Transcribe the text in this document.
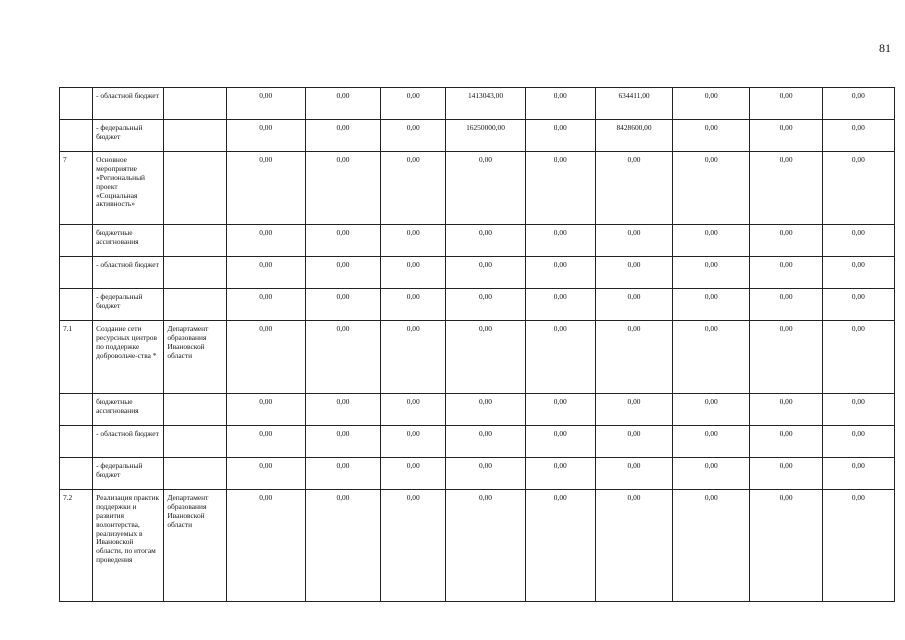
81
	- областной бюджет		0,00	0,00	0,00	1413043,00	0,00	634411,00	0,00	0,00	0,00
	- федеральный бюджет		0,00	0,00	0,00	16250000,00	0,00	8428600,00	0,00	0,00	0,00
7	Основное мероприятие «Региональный проект «Социальная активность»		0,00	0,00	0,00	0,00	0,00	0,00	0,00	0,00	0,00
	бюджетные ассигнования		0,00	0,00	0,00	0,00	0,00	0,00	0,00	0,00	0,00
	- областной бюджет		0,00	0,00	0,00	0,00	0,00	0,00	0,00	0,00	0,00
	- федеральный бюджет		0,00	0,00	0,00	0,00	0,00	0,00	0,00	0,00	0,00
7.1	Создание сети ресурсных центров по поддержке добровольче-ства *	Департамент образования Ивановской области	0,00	0,00	0,00	0,00	0,00	0,00	0,00	0,00	0,00
	бюджетные ассигнования		0,00	0,00	0,00	0,00	0,00	0,00	0,00	0,00	0,00
	- областной бюджет		0,00	0,00	0,00	0,00	0,00	0,00	0,00	0,00	0,00
	- федеральный бюджет		0,00	0,00	0,00	0,00	0,00	0,00	0,00	0,00	0,00
7.2	Реализация практик поддержки и развития волонтерства, реализуемых в Ивановской области, по итогам проведения	Департамент образования Ивановской области	0,00	0,00	0,00	0,00	0,00	0,00	0,00	0,00	0,00
